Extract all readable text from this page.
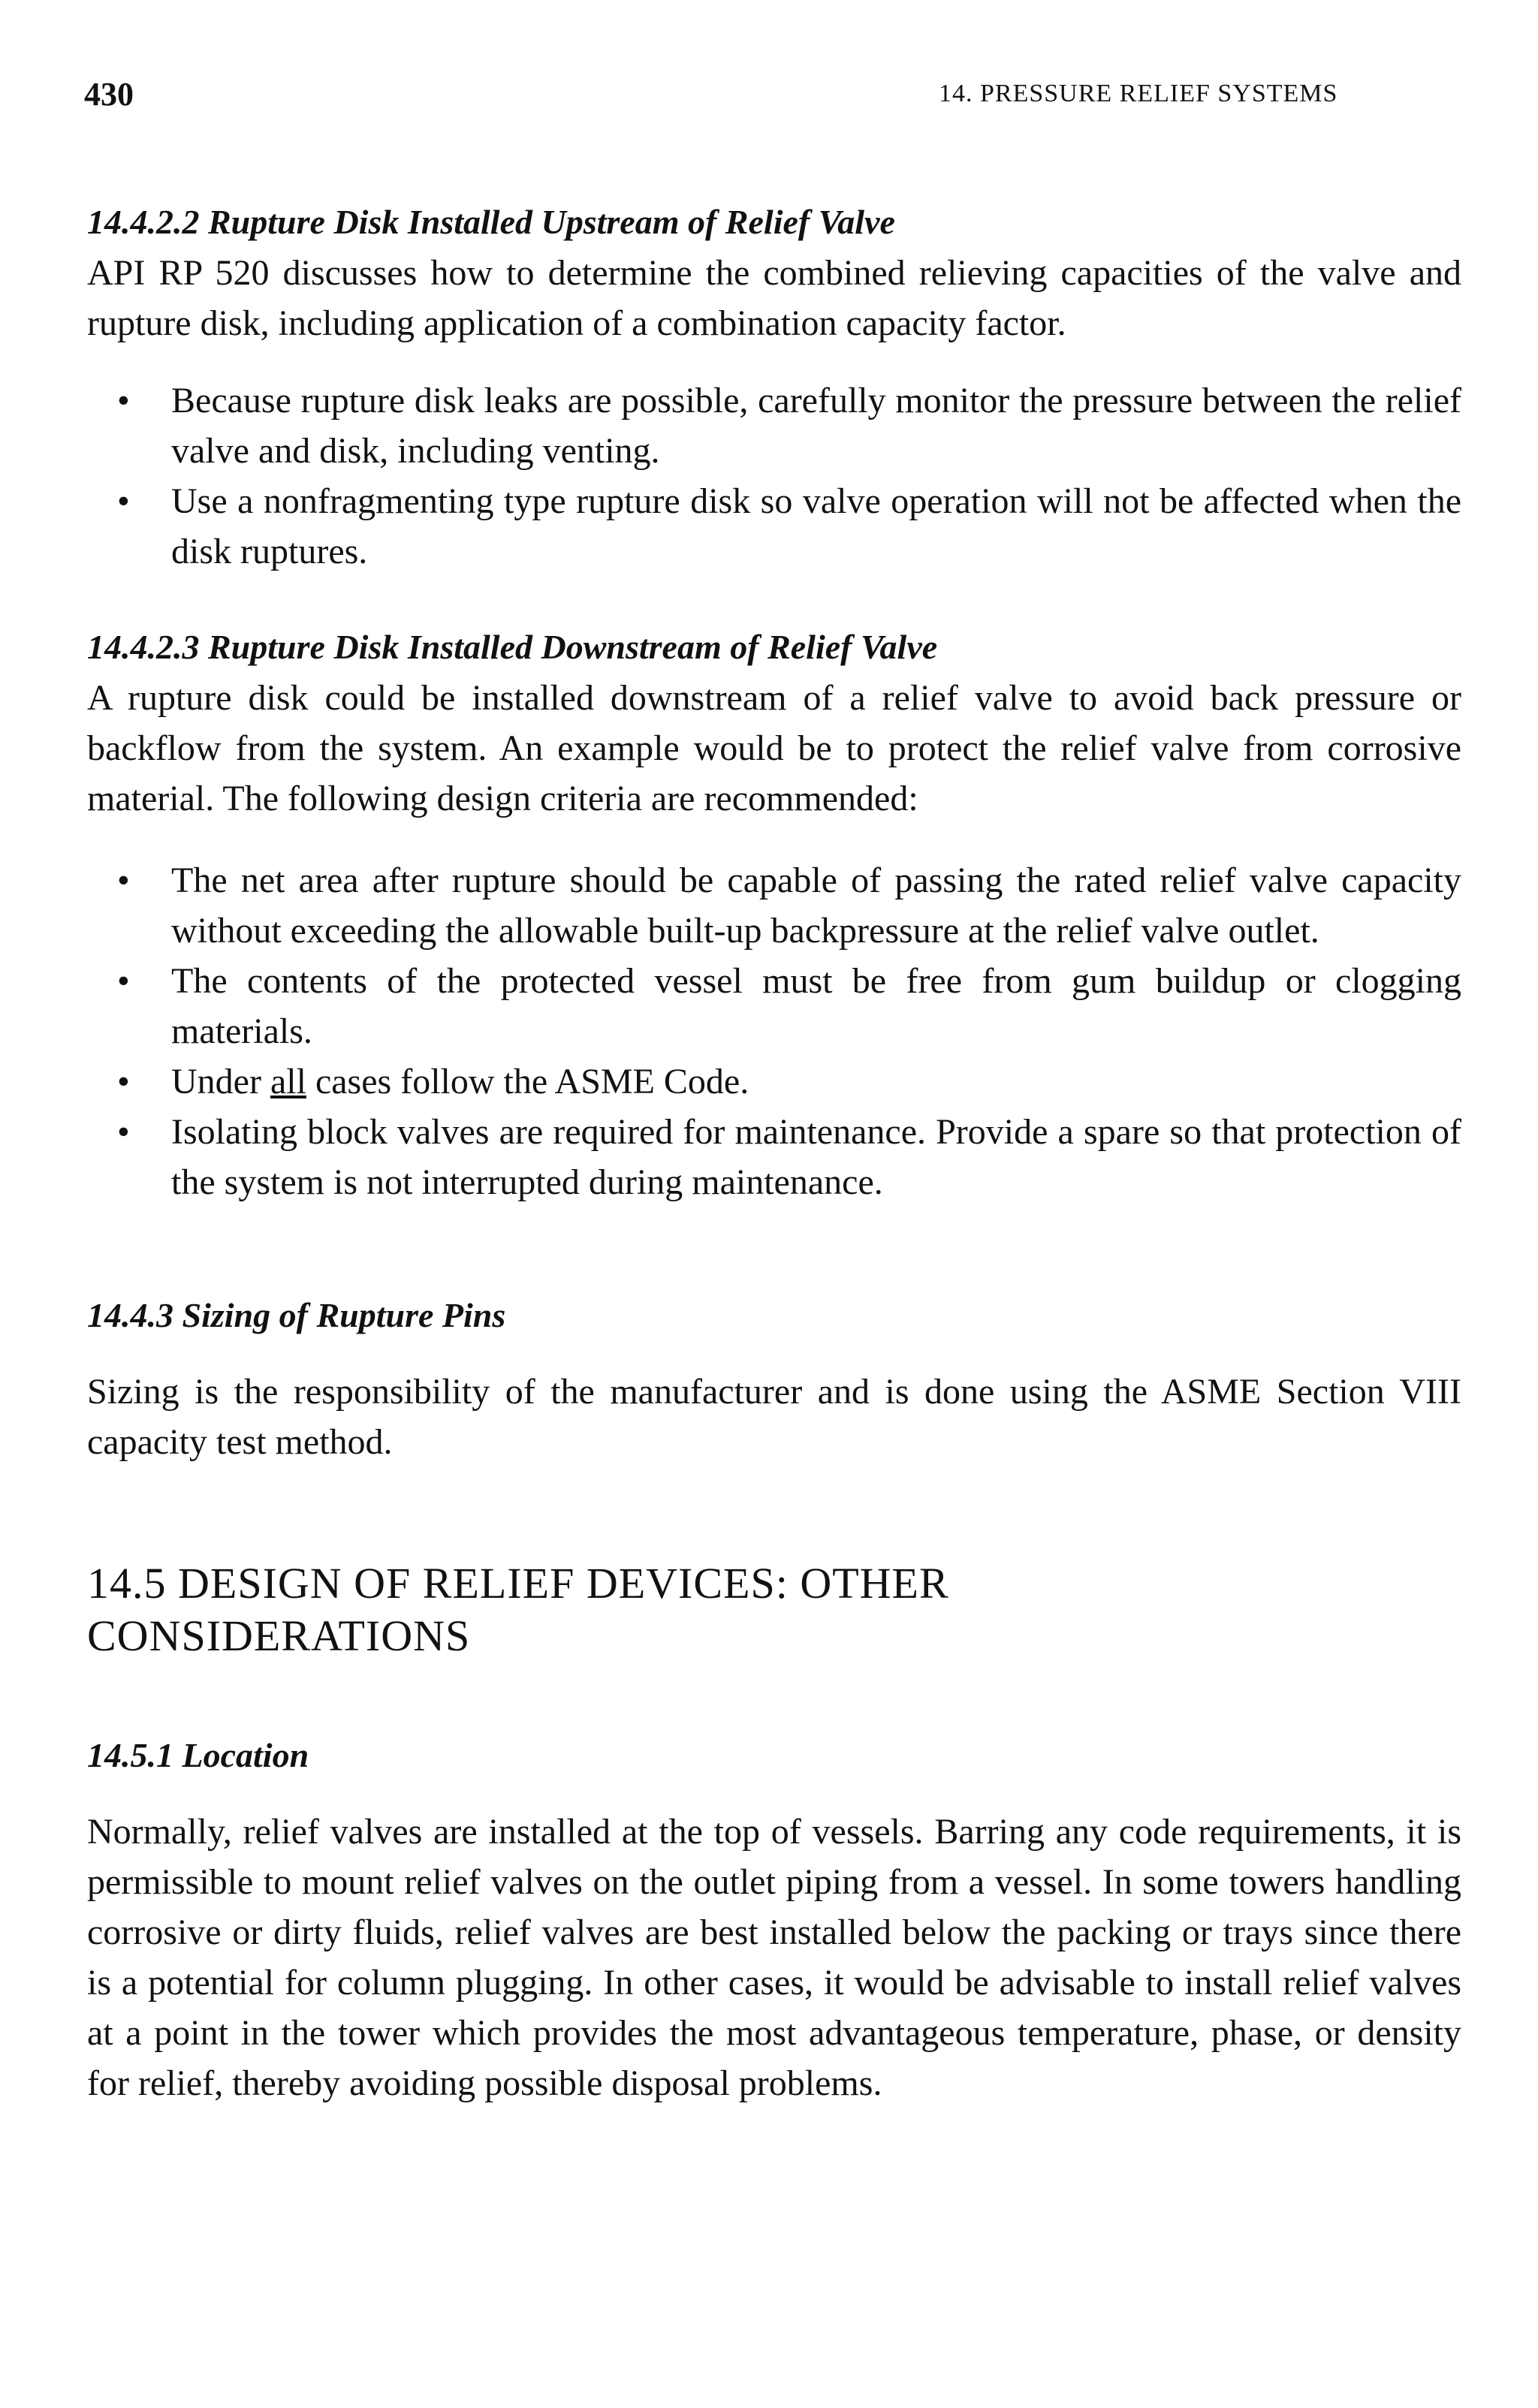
430	14. PRESSURE RELIEF SYSTEMS
14.4.2.2 Rupture Disk Installed Upstream of Relief Valve

API RP 520 discusses how to determine the combined relieving capacities of the valve and rupture disk, including application of a combination capacity factor.

• Because rupture disk leaks are possible, carefully monitor the pressure between the relief valve and disk, including venting.
• Use a nonfragmenting type rupture disk so valve operation will not be affected when the disk ruptures.
14.4.2.3 Rupture Disk Installed Downstream of Relief Valve

A rupture disk could be installed downstream of a relief valve to avoid back pressure or backflow from the system. An example would be to protect the relief valve from corrosive material. The following design criteria are recommended:

• The net area after rupture should be capable of passing the rated relief valve capacity without exceeding the allowable built-up backpressure at the relief valve outlet.
• The contents of the protected vessel must be free from gum buildup or clogging materials.
• Under all cases follow the ASME Code.
• Isolating block valves are required for maintenance. Provide a spare so that protection of the system is not interrupted during maintenance.
14.4.3 Sizing of Rupture Pins

Sizing is the responsibility of the manufacturer and is done using the ASME Section VIII capacity test method.

14.5 DESIGN OF RELIEF DEVICES: OTHER
CONSIDERATIONS
14.5.1 Location

Normally, relief valves are installed at the top of vessels. Barring any code requirements, it is permissible to mount relief valves on the outlet piping from a vessel. In some towers handling corrosive or dirty fluids, relief valves are best installed below the packing or trays since there is a potential for column plugging. In other cases, it would be advisable to install relief valves at a point in the tower which provides the most advantageous temperature, phase, or density for relief, thereby avoiding possible disposal problems.
